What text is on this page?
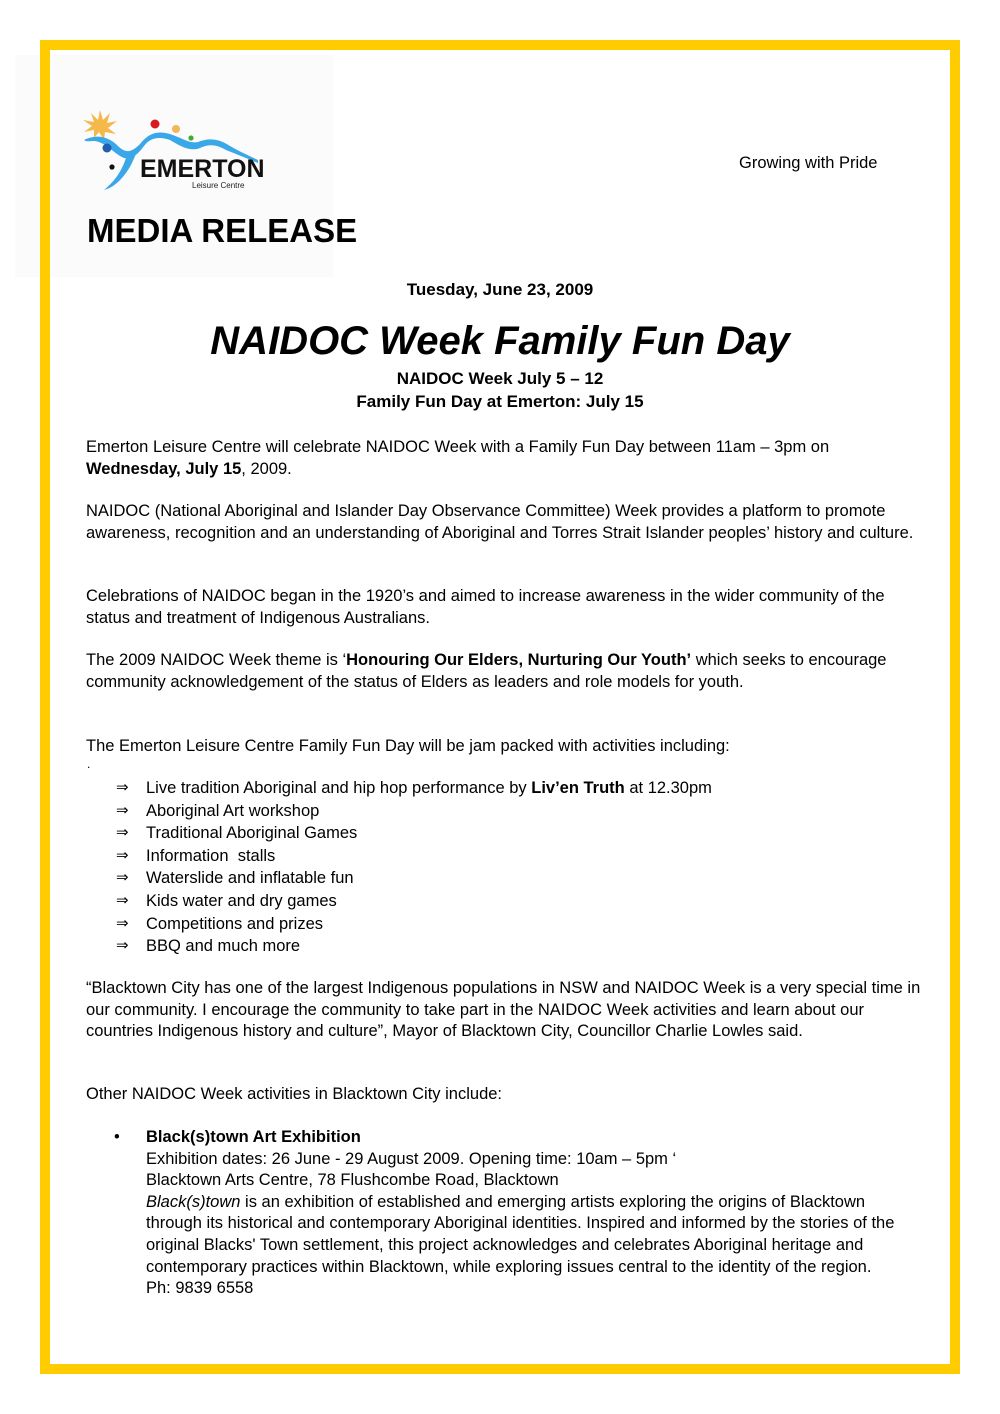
EMERTON
Leisure Centre
Growing with Pride
MEDIA RELEASE
Tuesday, June 23, 2009
NAIDOC Week Family Fun Day
NAIDOC Week July 5 – 12
Family Fun Day at Emerton: July 15
Emerton Leisure Centre will celebrate NAIDOC Week with a Family Fun Day between 11am – 3pm on Wednesday, July 15, 2009.
NAIDOC (National Aboriginal and Islander Day Observance Committee) Week provides a platform to promote awareness, recognition and an understanding of Aboriginal and Torres Strait Islander peoples’ history and culture.
Celebrations of NAIDOC began in the 1920’s and aimed to increase awareness in the wider community of the status and treatment of Indigenous Australians.
The 2009 NAIDOC Week theme is ‘Honouring Our Elders, Nurturing Our Youth’ which seeks to encourage community acknowledgement of the status of Elders as leaders and role models for youth.
The Emerton Leisure Centre Family Fun Day will be jam packed with activities including:
.
⇒	Live tradition Aboriginal and hip hop performance by Liv’en Truth at 12.30pm
⇒	Aboriginal Art workshop
⇒	Traditional Aboriginal Games
⇒	Information  stalls
⇒	Waterslide and inflatable fun
⇒	Kids water and dry games
⇒	Competitions and prizes
⇒	BBQ and much more
“Blacktown City has one of the largest Indigenous populations in NSW and NAIDOC Week is a very special time in our community. I encourage the community to take part in the NAIDOC Week activities and learn about our countries Indigenous history and culture”, Mayor of Blacktown City, Councillor Charlie Lowles said.
Other NAIDOC Week activities in Blacktown City include:
• Black(s)town Art Exhibition
Exhibition dates: 26 June - 29 August 2009. Opening time: 10am – 5pm ‘
Blacktown Arts Centre, 78 Flushcombe Road, Blacktown
Black(s)town is an exhibition of established and emerging artists exploring the origins of Blacktown through its historical and contemporary Aboriginal identities. Inspired and informed by the stories of the original Blacks' Town settlement, this project acknowledges and celebrates Aboriginal heritage and contemporary practices within Blacktown, while exploring issues central to the identity of the region.
Ph: 9839 6558
